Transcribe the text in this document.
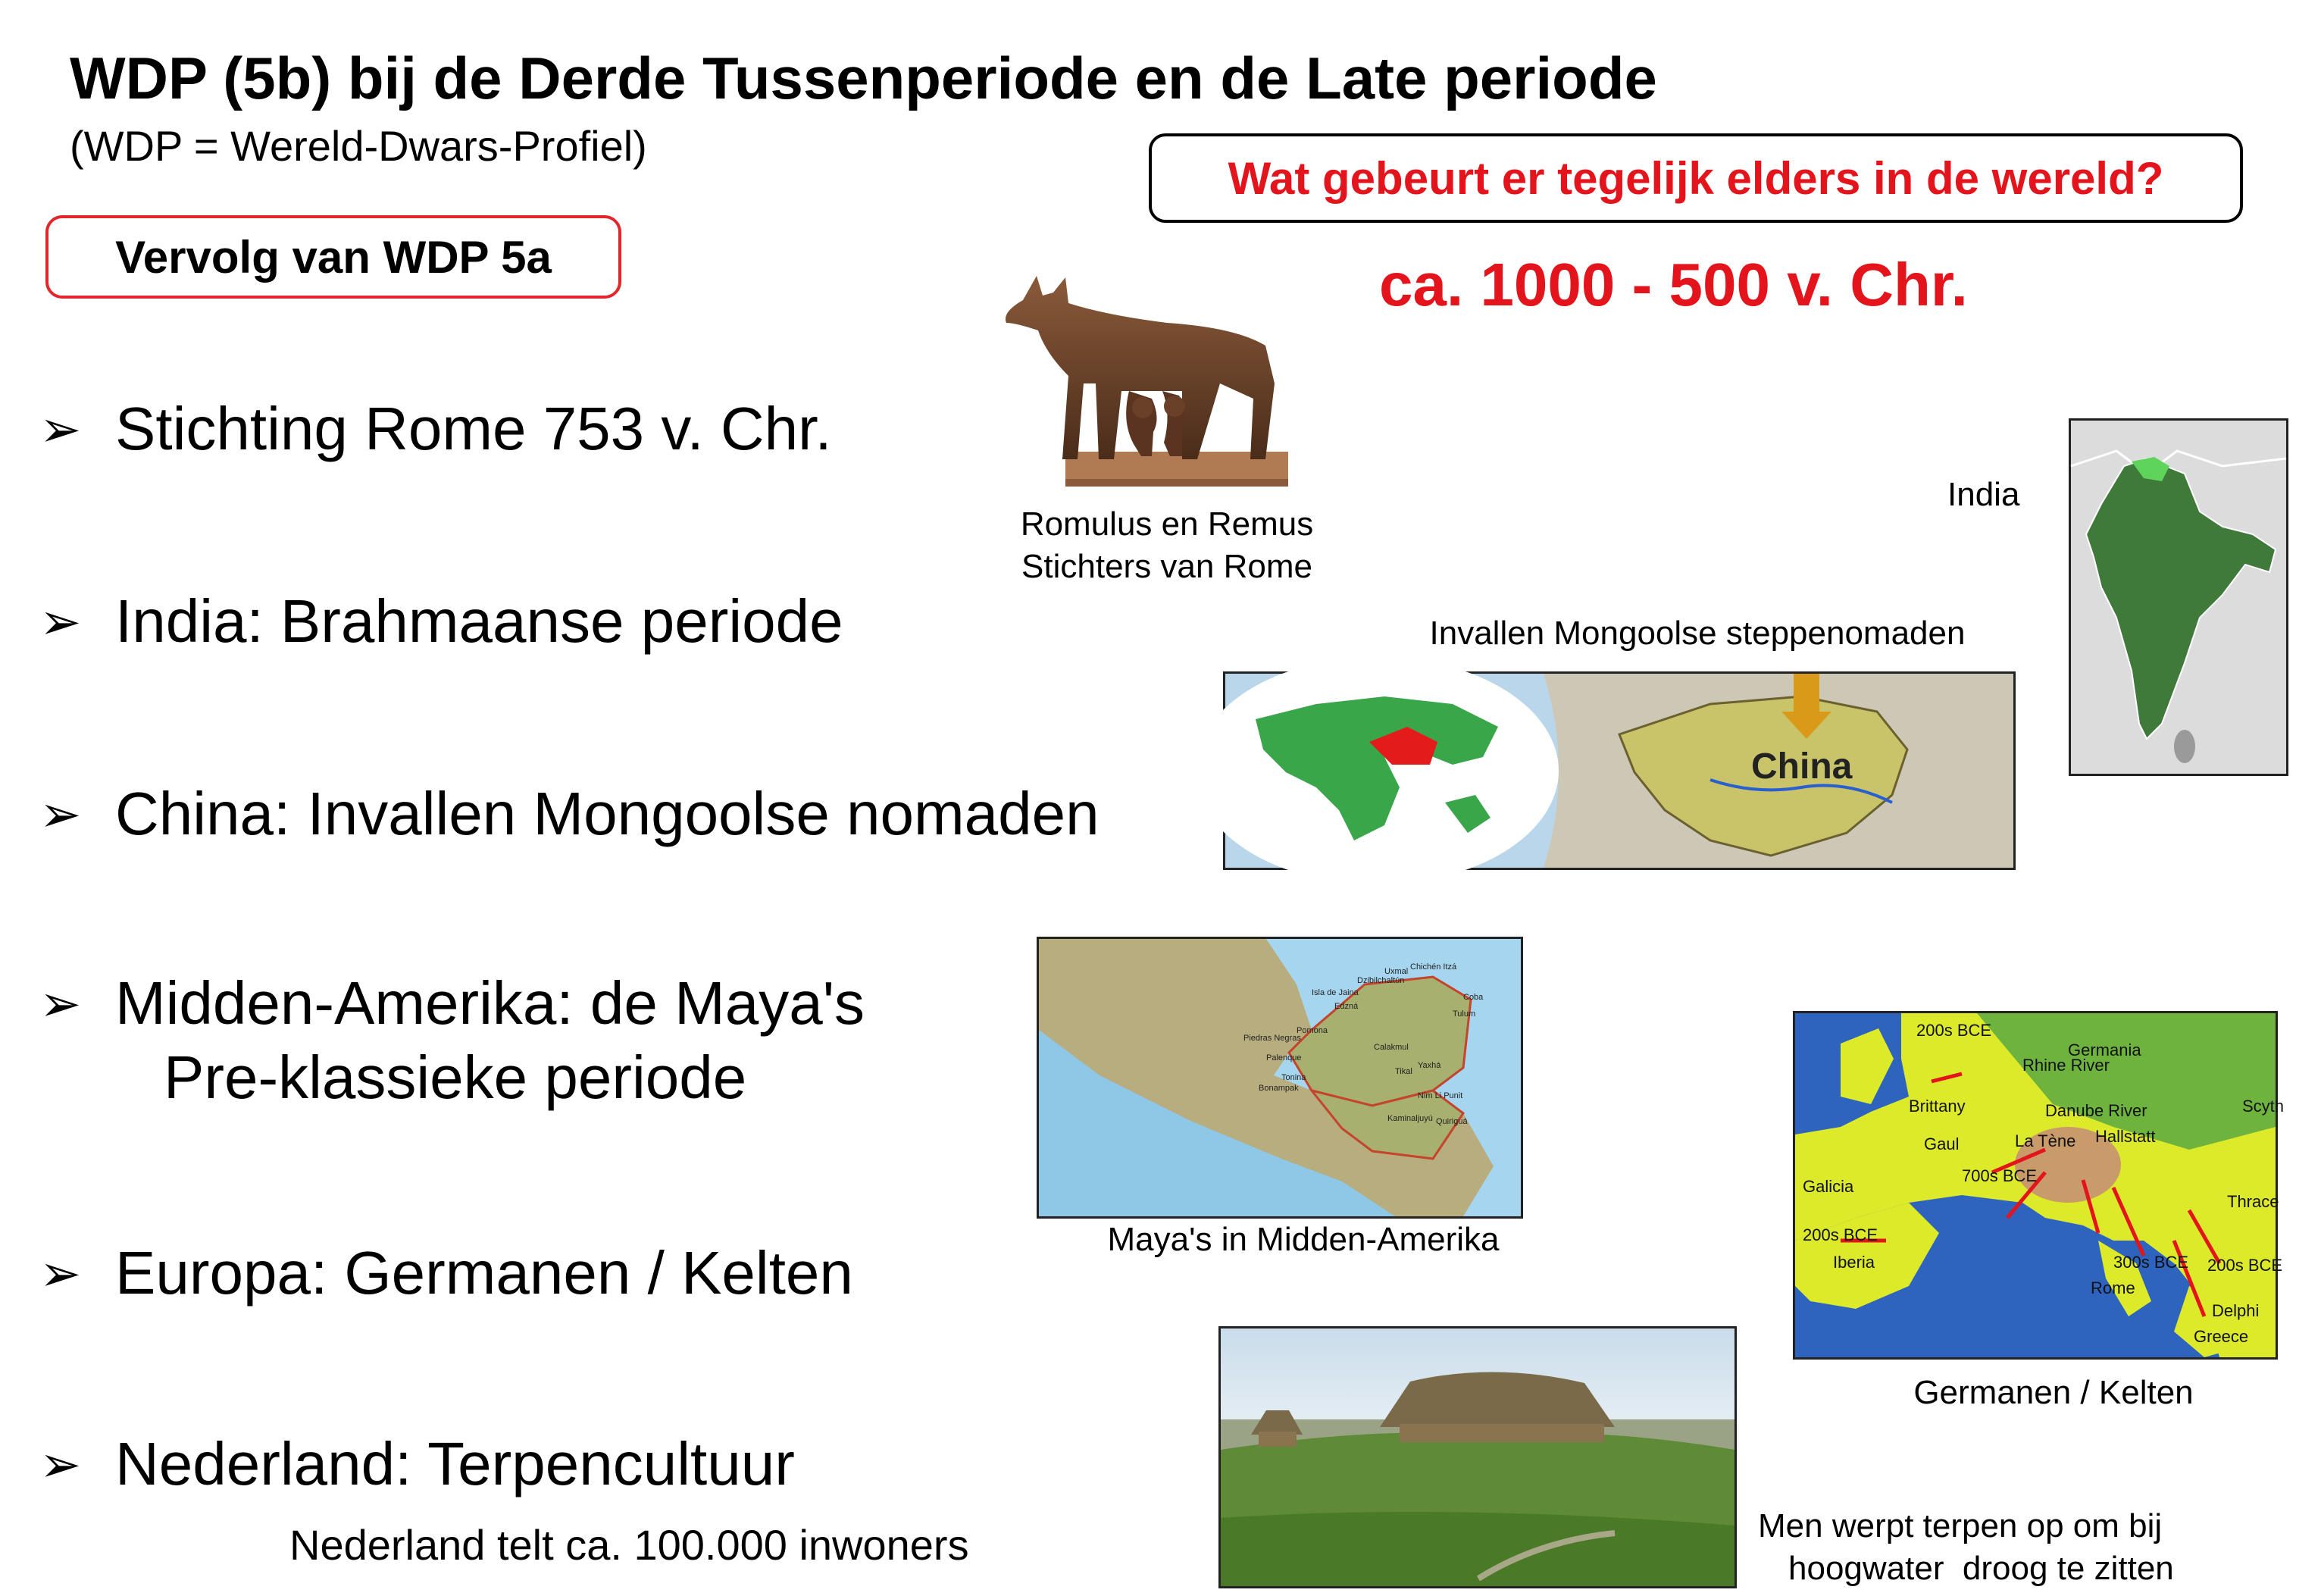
WDP (5b) bij de Derde Tussenperiode en de Late periode
(WDP = Wereld-Dwars-Profiel)
Vervolg van WDP 5a
Wat gebeurt er tegelijk elders in de wereld?
ca. 1000 - 500 v. Chr.
➢ Stichting Rome 753 v. Chr.
➢ India: Brahmaanse periode
➢ China: Invallen Mongoolse nomaden
➢ Midden-Amerika: de Maya's
Pre-klassieke periode
➢ Europa: Germanen / Kelten
➢ Nederland: Terpencultuur
Nederland telt ca. 100.000 inwoners
Romulus en Remus
Stichters van Rome
India
Invallen Mongoolse steppenomaden
China
Uxmal Chichén Itzá
Dzibilchaltún
Isla de Jaina	Coba
Edzná
Tulum
Piedras Negras
Pomona
Palenque
Calakmul
Tonina
Bonampak
Tikal
Yaxhá
Nim Li Punit
Kaminaljuyú Quiriguá
Maya's in Midden-Amerika
200s BCE
Germania
Rhine River
Brittany	Danube River	Scyth
Gaul	La Tène Hallstatt
700s BCE
Galicia
Thrace
200s BCE
Iberia	300s BCE 200s BCE
Rome
Delphi
Greece
Germanen / Kelten
Men werpt terpen op om bij
hoogwater  droog te zitten
